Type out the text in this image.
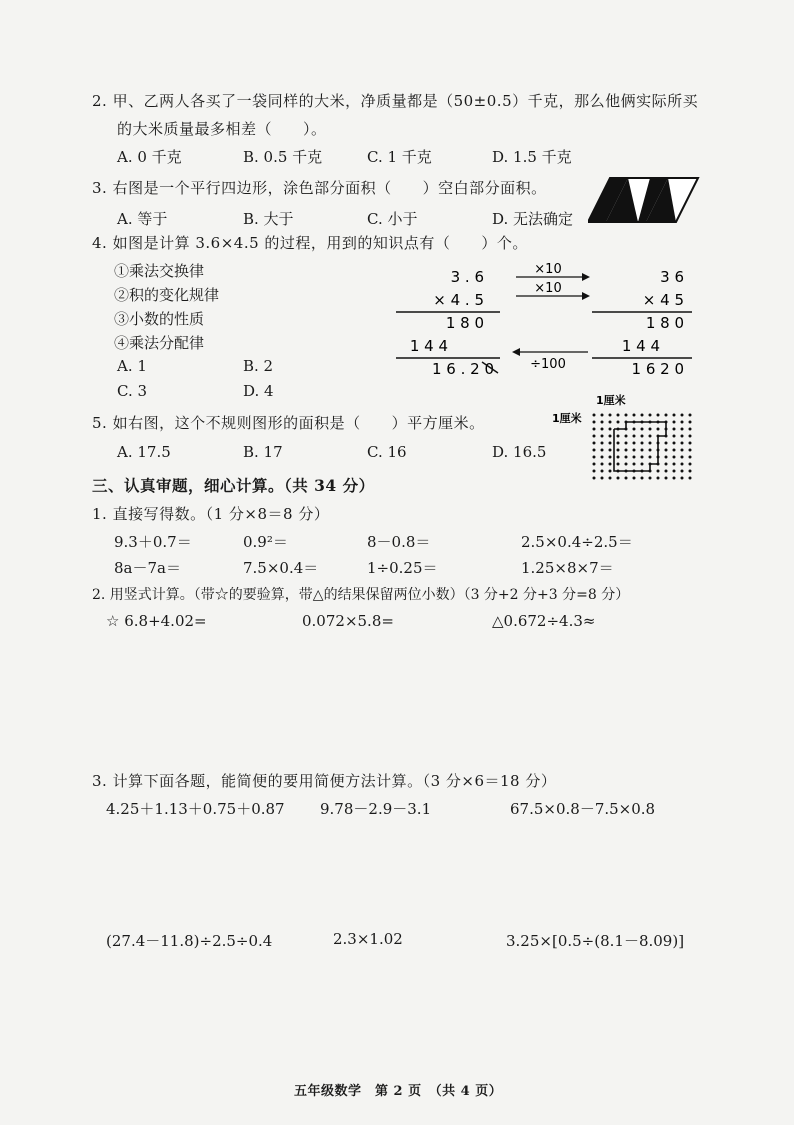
2. 甲、乙两人各买了一袋同样的大米，净质量都是（50±0.5）千克，那么他俩实际所买
的大米质量最多相差（　　）。
A. 0 千克	B. 0.5 千克	C. 1 千克	D. 1.5 千克
3. 右图是一个平行四边形，涂色部分面积（　　）空白部分面积。
A. 等于	B. 大于	C. 小于	D. 无法确定
4. 如图是计算 3.6×4.5 的过程，用到的知识点有（　　）个。
①乘法交换律
②积的变化规律
③小数的性质
④乘法分配律
A. 1	B. 2
C. 3	D. 4
3 . 6
× 4 . 5
1 8 0
1 4 4
1 6 . 2 0
×10
×10
÷100
3 6
× 4 5
1 8 0
1 4 4
1 6 2 0
5. 如右图，这个不规则图形的面积是（　　）平方厘米。
A. 17.5	B. 17	C. 16	D. 16.5
1厘米
1厘米
三、认真审题，细心计算。（共 34 分）
1. 直接写得数。（1 分×8＝8 分）
9.3＋0.7＝	0.9²＝	8－0.8＝	2.5×0.4÷2.5＝
8a－7a＝	7.5×0.4＝	1÷0.25＝	1.25×8×7＝
2. 用竖式计算。（带☆的要验算，带△的结果保留两位小数）（3 分+2 分+3 分=8 分）
☆ 6.8+4.02=	0.072×5.8=	△0.672÷4.3≈
3. 计算下面各题，能简便的要用简便方法计算。（3 分×6＝18 分）
4.25＋1.13＋0.75＋0.87 9.78－2.9－3.1	67.5×0.8－7.5×0.8
(27.4－11.8)÷2.5÷0.4	2.3×1.02	3.25×[0.5÷(8.1－8.09)]
五年级数学　第 2 页　（共 4 页）
